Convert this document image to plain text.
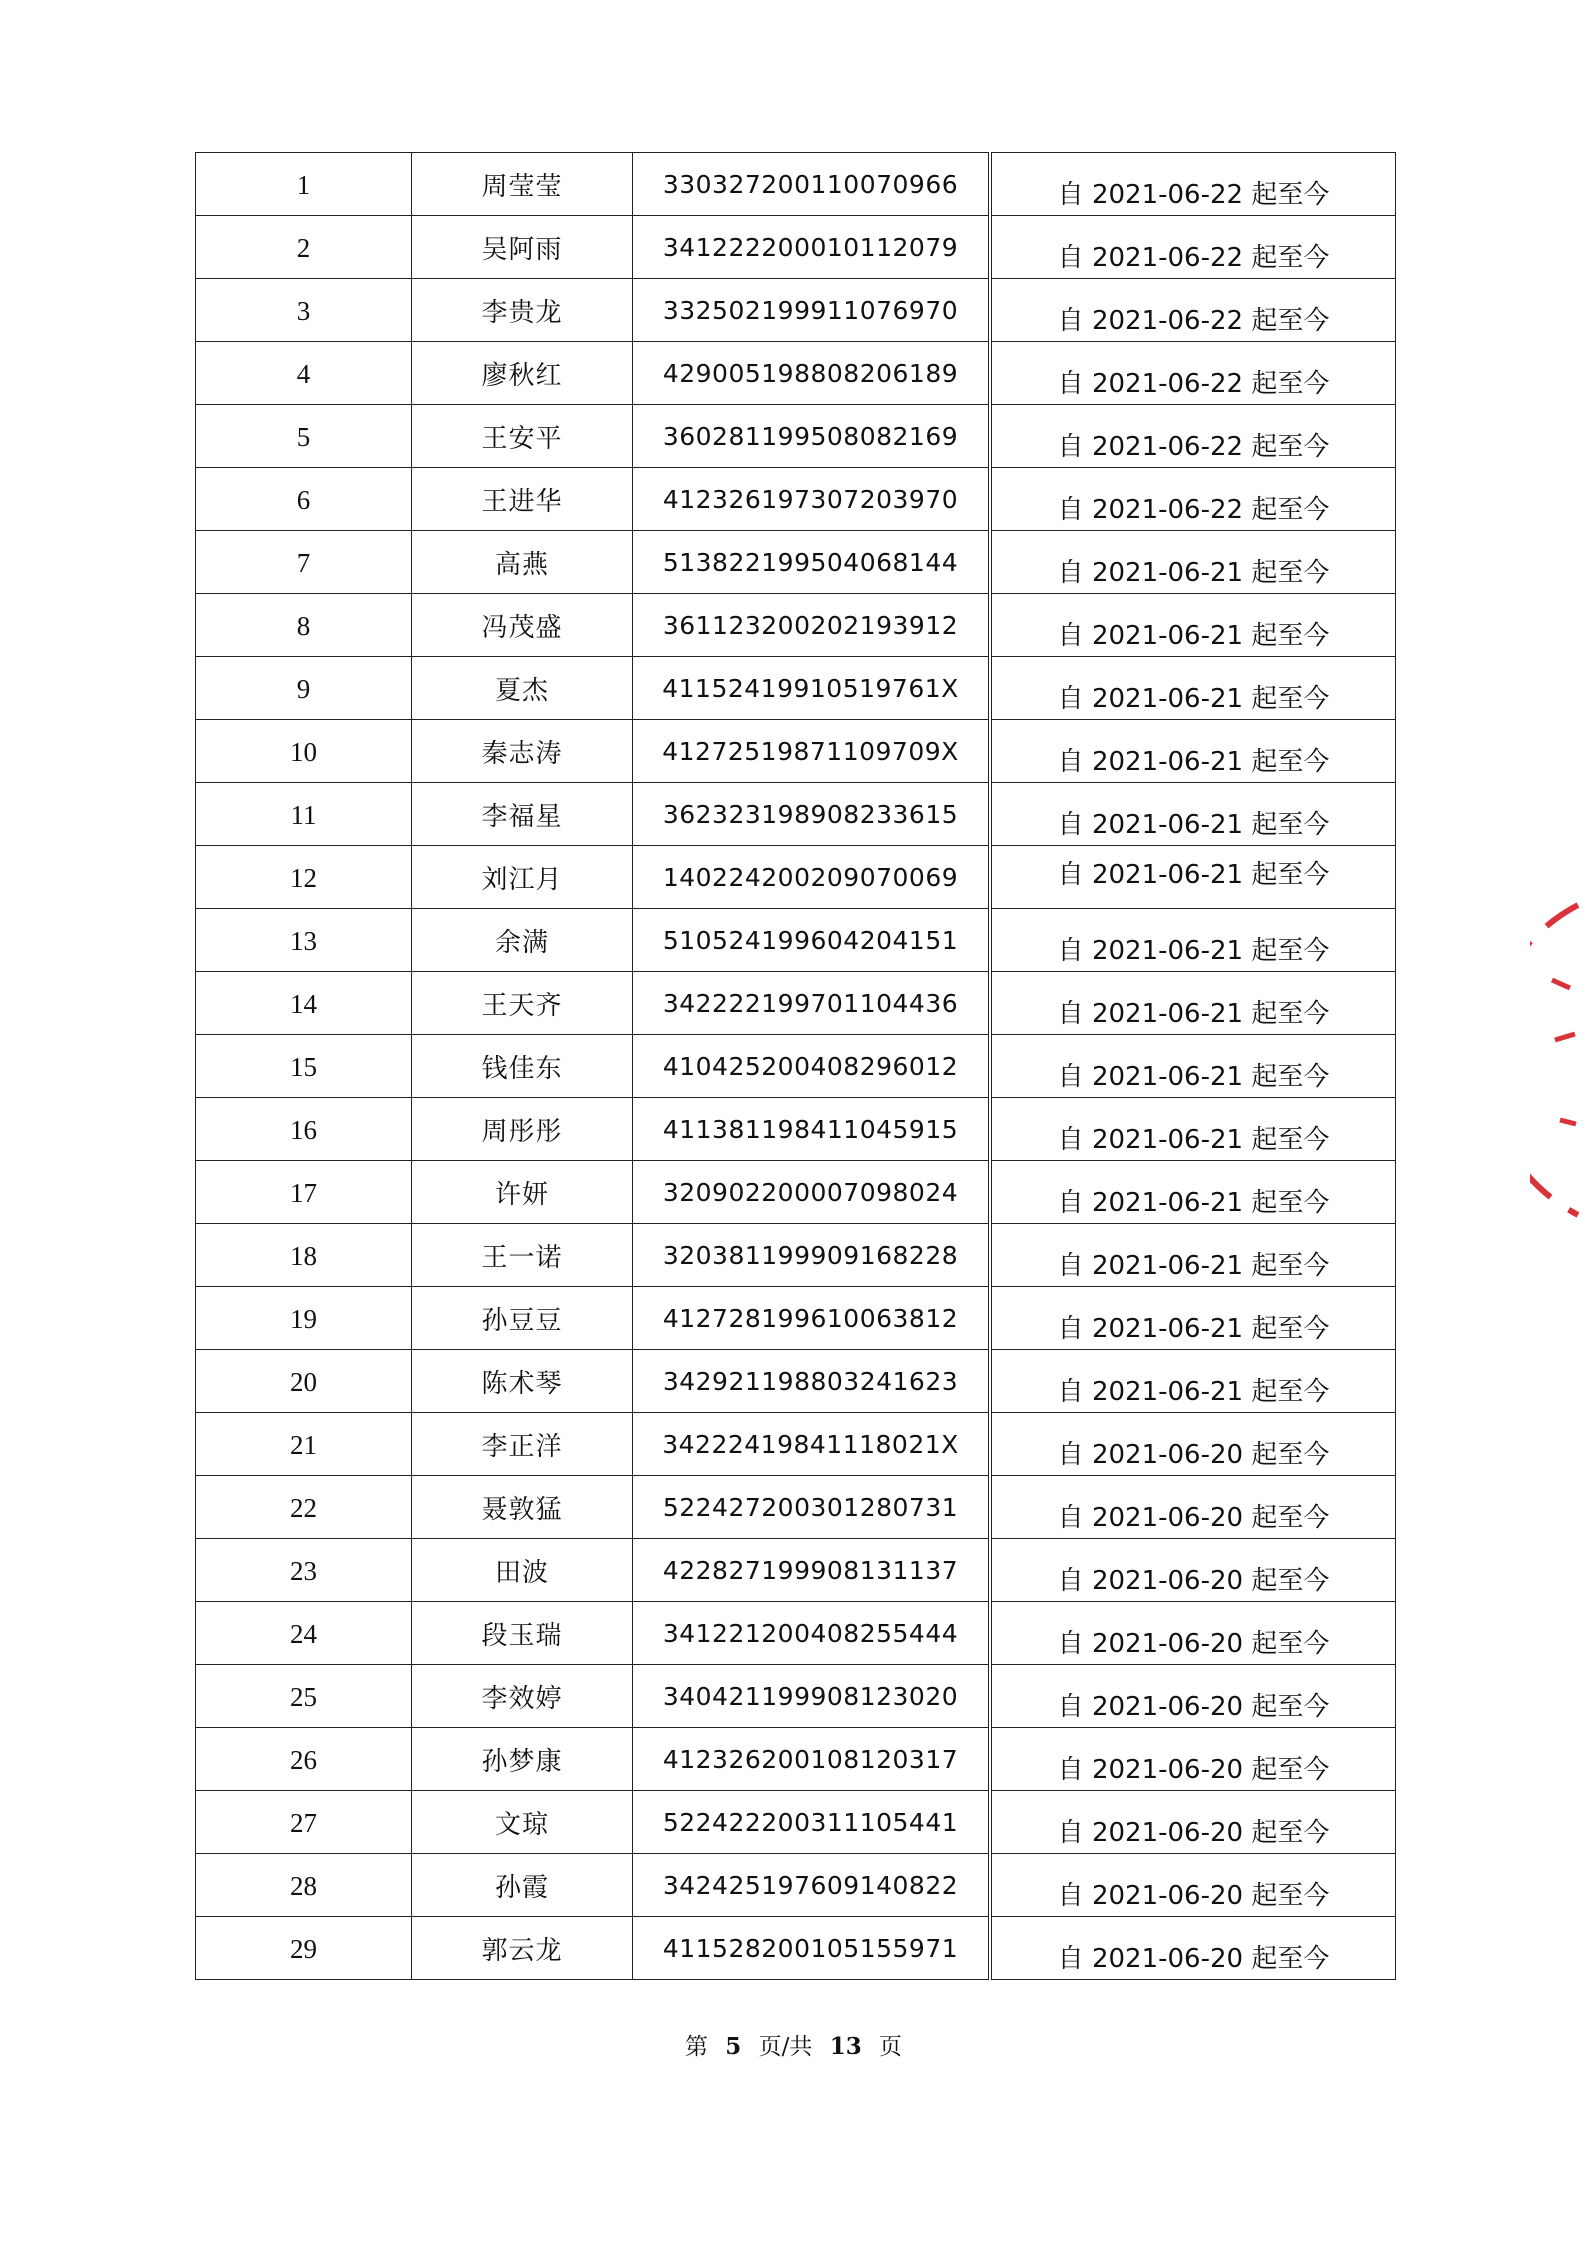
1	周莹莹	330327200110070966		自 2021-06-22 起至今
2	吴阿雨	341222200010112079		自 2021-06-22 起至今
3	李贵龙	332502199911076970		自 2021-06-22 起至今
4	廖秋红	429005198808206189		自 2021-06-22 起至今
5	王安平	360281199508082169		自 2021-06-22 起至今
6	王进华	412326197307203970		自 2021-06-22 起至今
7	高燕	513822199504068144		自 2021-06-21 起至今
8	冯茂盛	361123200202193912		自 2021-06-21 起至今
9	夏杰	41152419910519761X		自 2021-06-21 起至今
10	秦志涛	41272519871109709X		自 2021-06-21 起至今
11	李福星	362323198908233615		自 2021-06-21 起至今
12	刘江月	140224200209070069		自 2021-06-21 起至今
13	余满	510524199604204151		自 2021-06-21 起至今
14	王天齐	342222199701104436		自 2021-06-21 起至今
15	钱佳东	410425200408296012		自 2021-06-21 起至今
16	周彤彤	411381198411045915		自 2021-06-21 起至今
17	许妍	320902200007098024		自 2021-06-21 起至今
18	王一诺	320381199909168228		自 2021-06-21 起至今
19	孙豆豆	412728199610063812		自 2021-06-21 起至今
20	陈术琴	342921198803241623		自 2021-06-21 起至今
21	李正洋	34222419841118021X		自 2021-06-20 起至今
22	聂敦猛	522427200301280731		自 2021-06-20 起至今
23	田波	422827199908131137		自 2021-06-20 起至今
24	段玉瑞	341221200408255444		自 2021-06-20 起至今
25	李效婷	340421199908123020		自 2021-06-20 起至今
26	孙梦康	412326200108120317		自 2021-06-20 起至今
27	文琼	522422200311105441		自 2021-06-20 起至今
28	孙霞	342425197609140822		自 2021-06-20 起至今
29	郭云龙	411528200105155971		自 2021-06-20 起至今
第 5 页/共 13 页
